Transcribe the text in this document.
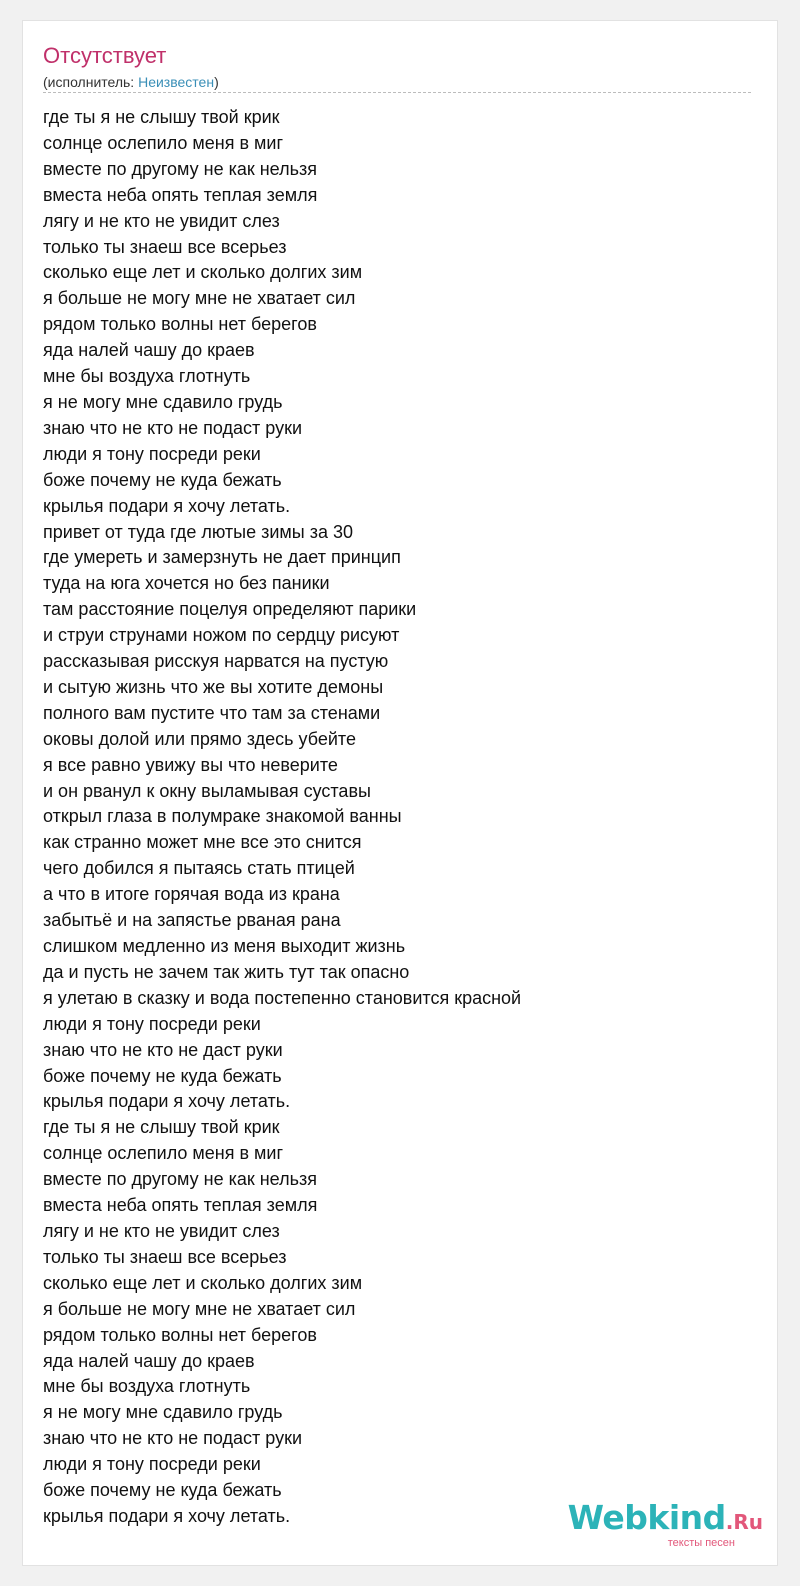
Отсутствует
(исполнитель: Неизвестен)
где ты я не слышу твой крик
солнце ослепило меня в миг
вместе по другому не как нельзя
вместа неба опять теплая земля
лягу и не кто не увидит слез
только ты знаеш все всерьез
сколько еще лет и сколько долгих зим
я больше не могу мне не хватает сил
рядом только волны нет берегов
яда налей чашу до краев
мне бы воздуха глотнуть
я не могу мне сдавило грудь
знаю что не кто не подаст руки
люди я тону посреди реки
боже почему не куда бежать
крылья подари я хочу летать.
привет от туда где лютые зимы за 30
где умереть и замерзнуть не дает принцип
туда на юга хочется но без паники
там расстояние поцелуя определяют парики
и струи струнами ножом по сердцу рисуют
рассказывая рисскуя нарватся на пустую
и сытую жизнь что же вы хотите демоны
полного вам пустите что там за стенами
оковы долой или прямо здесь убейте
я все равно увижу вы что неверите
и он рванул к окну выламывая суставы
открыл глаза в полумраке знакомой ванны
как странно может мне все это снится
чего добился я пытаясь стать птицей
а что в итоге горячая вода из крана
забытьё и на запястье рваная рана
слишком медленно из меня выходит жизнь
да и пусть не зачем так жить тут так опасно
я улетаю в сказку и вода постепенно становится красной
люди я тону посреди реки
знаю что не кто не даст руки
боже почему не куда бежать
крылья подари я хочу летать.
где ты я не слышу твой крик
солнце ослепило меня в миг
вместе по другому не как нельзя
вместа неба опять теплая земля
лягу и не кто не увидит слез
только ты знаеш все всерьез
сколько еще лет и сколько долгих зим
я больше не могу мне не хватает сил
рядом только волны нет берегов
яда налей чашу до краев
мне бы воздуха глотнуть
я не могу мне сдавило грудь
знаю что не кто не подаст руки
люди я тону посреди реки
боже почему не куда бежать
крылья подари я хочу летать.	Webkind.Ru
тексты песен
